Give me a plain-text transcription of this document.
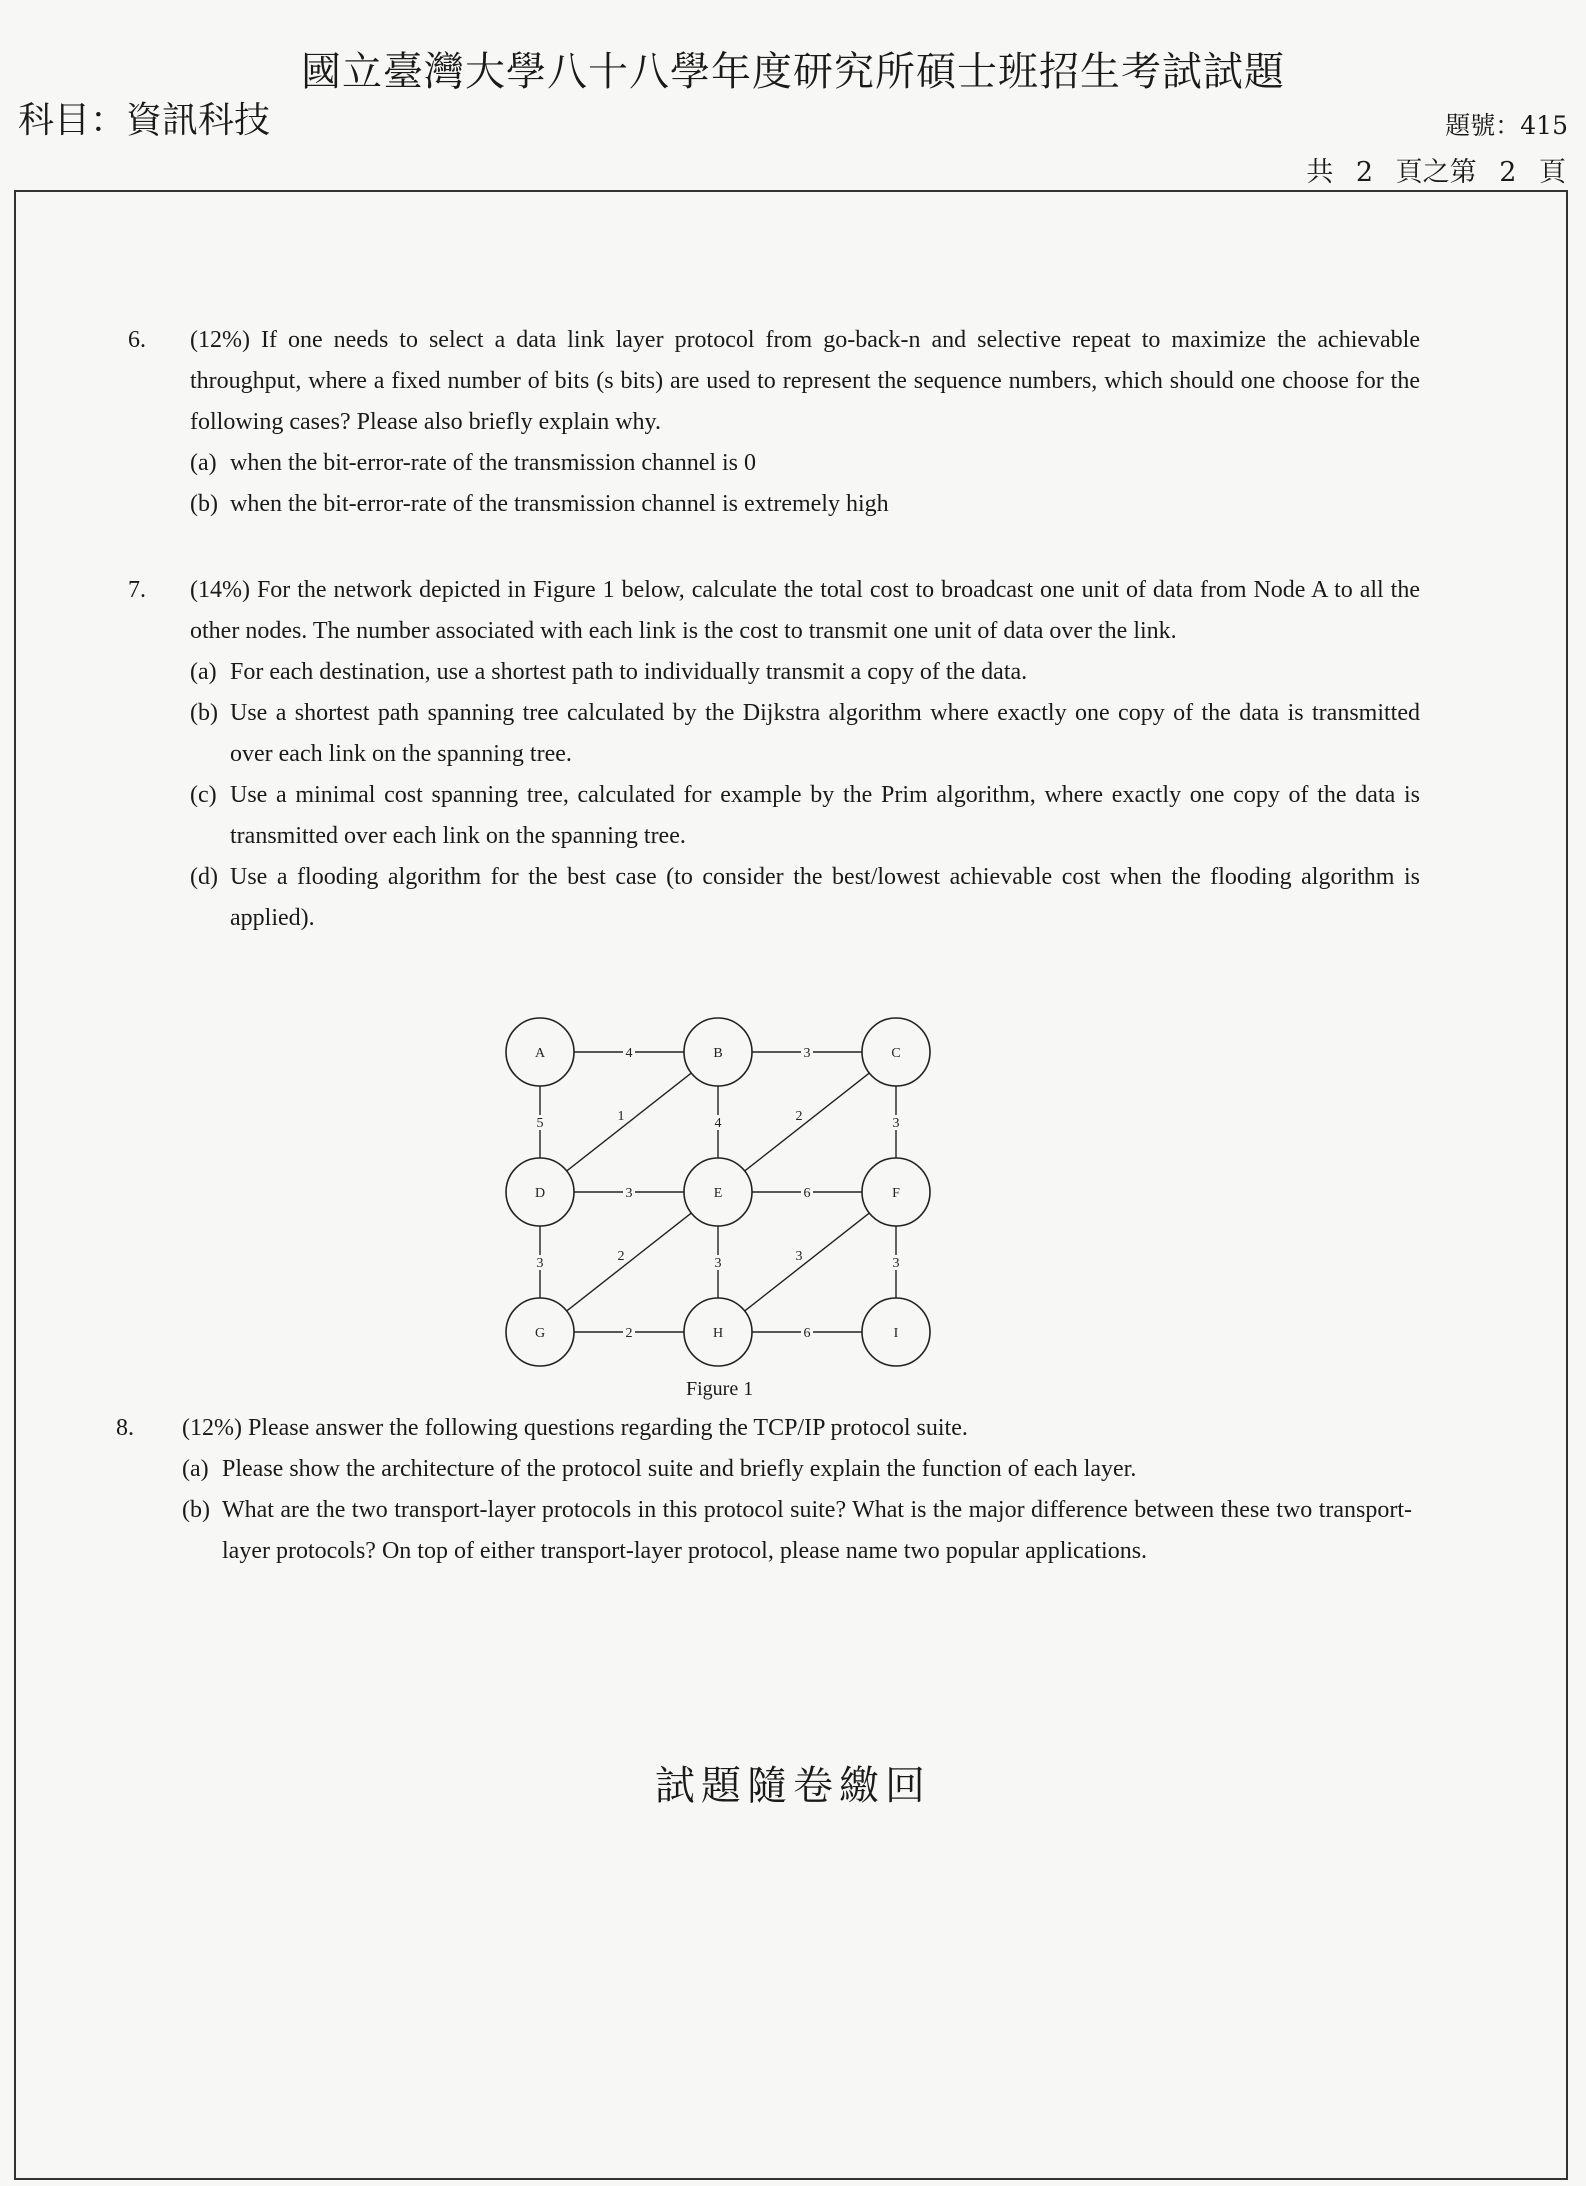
國立臺灣大學八十八學年度研究所碩士班招生考試試題
科目：資訊科技	題號：415
共 2 頁之第 2 頁
6. (12%) If one needs to select a data link layer protocol from go-back-n and selective repeat to maximize the achievable throughput, where a fixed number of bits (s bits) are used to represent the sequence numbers, which should one choose for the following cases? Please also briefly explain why.
(a) when the bit-error-rate of the transmission channel is 0
(b) when the bit-error-rate of the transmission channel is extremely high
7. (14%) For the network depicted in Figure 1 below, calculate the total cost to broadcast one unit of data from Node A to all the other nodes. The number associated with each link is the cost to transmit one unit of data over the link.
(a) For each destination, use a shortest path to individually transmit a copy of the data.
(b) Use a shortest path spanning tree calculated by the Dijkstra algorithm where exactly one copy of the data is transmitted over each link on the spanning tree.
(c) Use a minimal cost spanning tree, calculated for example by the Prim algorithm, where exactly one copy of the data is transmitted over each link on the spanning tree.
(d) Use a flooding algorithm for the best case (to consider the best/lowest achievable cost when the flooding algorithm is applied).
4	3
5	1	4	2	3
3	6
3	2	3	3	3
2	6
A	B	C
D	E	F
G	H	I
Figure 1
8. (12%) Please answer the following questions regarding the TCP/IP protocol suite.
(a) Please show the architecture of the protocol suite and briefly explain the function of each layer.
(b) What are the two transport-layer protocols in this protocol suite? What is the major difference between these two transport-layer protocols? On top of either transport-layer protocol, please name two popular applications.
試題隨卷繳回
